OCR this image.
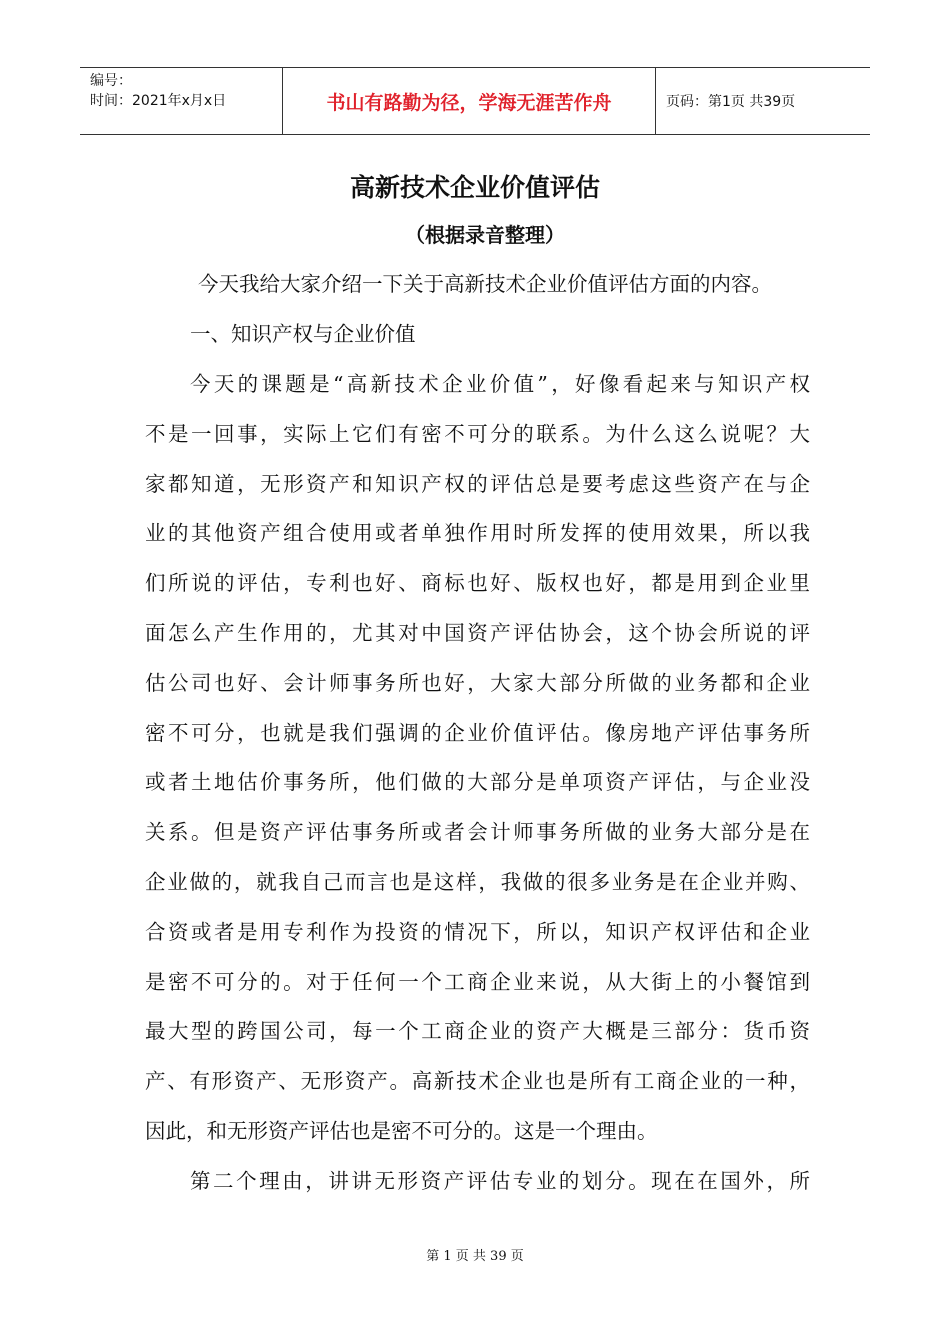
编号：
时间：2021年x月x日	书山有路勤为径，学海无涯苦作舟	页码：第1页 共39页
高新技术企业价值评估
（根据录音整理）
今天我给大家介绍一下关于高新技术企业价值评估方面的内容。
一、知识产权与企业价值
今天的课题是“高新技术企业价值”，好像看起来与知识产权
不是一回事，实际上它们有密不可分的联系。为什么这么说呢？大
家都知道，无形资产和知识产权的评估总是要考虑这些资产在与企
业的其他资产组合使用或者单独作用时所发挥的使用效果，所以我
们所说的评估，专利也好、商标也好、版权也好，都是用到企业里
面怎么产生作用的，尤其对中国资产评估协会，这个协会所说的评
估公司也好、会计师事务所也好，大家大部分所做的业务都和企业
密不可分，也就是我们强调的企业价值评估。像房地产评估事务所
或者土地估价事务所，他们做的大部分是单项资产评估，与企业没
关系。但是资产评估事务所或者会计师事务所做的业务大部分是在
企业做的，就我自己而言也是这样，我做的很多业务是在企业并购、
合资或者是用专利作为投资的情况下，所以，知识产权评估和企业
是密不可分的。对于任何一个工商企业来说，从大街上的小餐馆到
最大型的跨国公司，每一个工商企业的资产大概是三部分：货币资
产、有形资产、无形资产。高新技术企业也是所有工商企业的一种，
因此，和无形资产评估也是密不可分的。这是一个理由。
第二个理由，讲讲无形资产评估专业的划分。现在在国外，所
第 1 页 共 39 页
